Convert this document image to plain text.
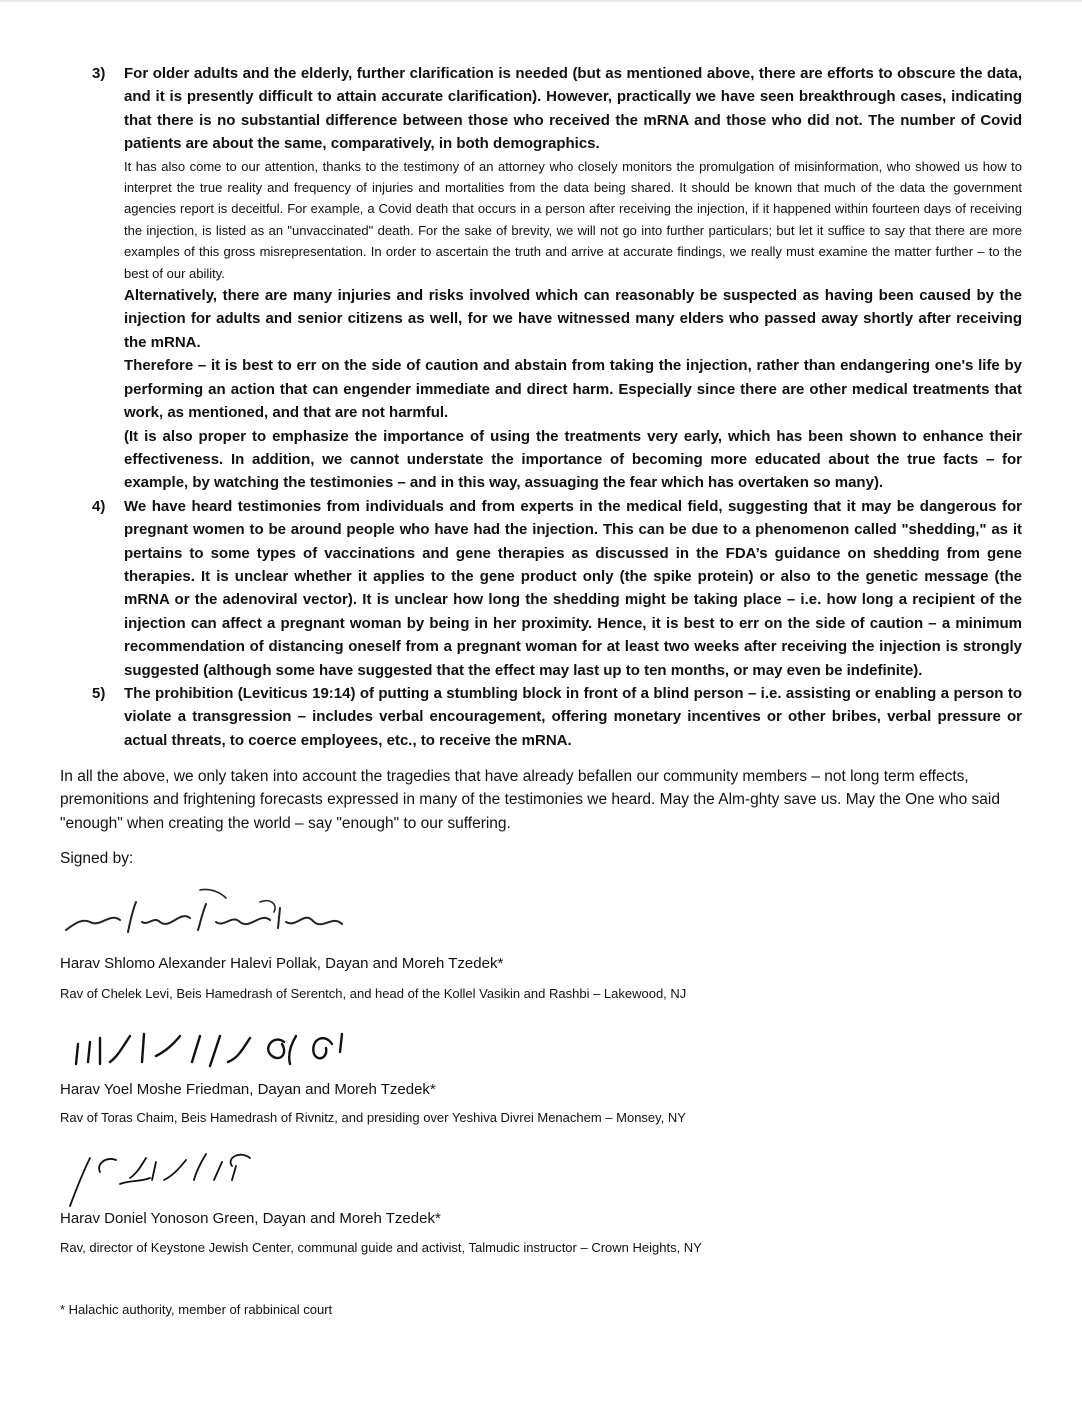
3) For older adults and the elderly, further clarification is needed (but as mentioned above, there are efforts to obscure the data, and it is presently difficult to attain accurate clarification). However, practically we have seen breakthrough cases, indicating that there is no substantial difference between those who received the mRNA and those who did not. The number of Covid patients are about the same, comparatively, in both demographics.

It has also come to our attention, thanks to the testimony of an attorney who closely monitors the promulgation of misinformation, who showed us how to interpret the true reality and frequency of injuries and mortalities from the data being shared. It should be known that much of the data the government agencies report is deceitful. For example, a Covid death that occurs in a person after receiving the injection, if it happened within fourteen days of receiving the injection, is listed as an "unvaccinated" death. For the sake of brevity, we will not go into further particulars; but let it suffice to say that there are more examples of this gross misrepresentation. In order to ascertain the truth and arrive at accurate findings, we really must examine the matter further – to the best of our ability.

Alternatively, there are many injuries and risks involved which can reasonably be suspected as having been caused by the injection for adults and senior citizens as well, for we have witnessed many elders who passed away shortly after receiving the mRNA.

Therefore – it is best to err on the side of caution and abstain from taking the injection, rather than endangering one's life by performing an action that can engender immediate and direct harm. Especially since there are other medical treatments that work, as mentioned, and that are not harmful.

(It is also proper to emphasize the importance of using the treatments very early, which has been shown to enhance their effectiveness. In addition, we cannot understate the importance of becoming more educated about the true facts – for example, by watching the testimonies – and in this way, assuaging the fear which has overtaken so many).

4) We have heard testimonies from individuals and from experts in the medical field, suggesting that it may be dangerous for pregnant women to be around people who have had the injection. This can be due to a phenomenon called "shedding," as it pertains to some types of vaccinations and gene therapies as discussed in the FDA’s guidance on shedding from gene therapies. It is unclear whether it applies to the gene product only (the spike protein) or also to the genetic message (the mRNA or the adenoviral vector). It is unclear how long the shedding might be taking place – i.e. how long a recipient of the injection can affect a pregnant woman by being in her proximity. Hence, it is best to err on the side of caution – a minimum recommendation of distancing oneself from a pregnant woman for at least two weeks after receiving the injection is strongly suggested (although some have suggested that the effect may last up to ten months, or may even be indefinite).

5) The prohibition (Leviticus 19:14) of putting a stumbling block in front of a blind person – i.e. assisting or enabling a person to violate a transgression – includes verbal encouragement, offering monetary incentives or other bribes, verbal pressure or actual threats, to coerce employees, etc., to receive the mRNA.

In all the above, we only taken into account the tragedies that have already befallen our community members – not long term effects, premonitions and frightening forecasts expressed in many of the testimonies we heard. May the Alm-ghty save us. May the One who said "enough" when creating the world – say "enough" to our suffering.

Signed by:

Harav Shlomo Alexander Halevi Pollak, Dayan and Moreh Tzedek*

Rav of Chelek Levi, Beis Hamedrash of Serentch, and head of the Kollel Vasikin and Rashbi – Lakewood, NJ

Harav Yoel Moshe Friedman, Dayan and Moreh Tzedek*

Rav of Toras Chaim, Beis Hamedrash of Rivnitz, and presiding over Yeshiva Divrei Menachem – Monsey, NY

Harav Doniel Yonoson Green, Dayan and Moreh Tzedek*

Rav, director of Keystone Jewish Center, communal guide and activist, Talmudic instructor – Crown Heights, NY

* Halachic authority, member of rabbinical court
